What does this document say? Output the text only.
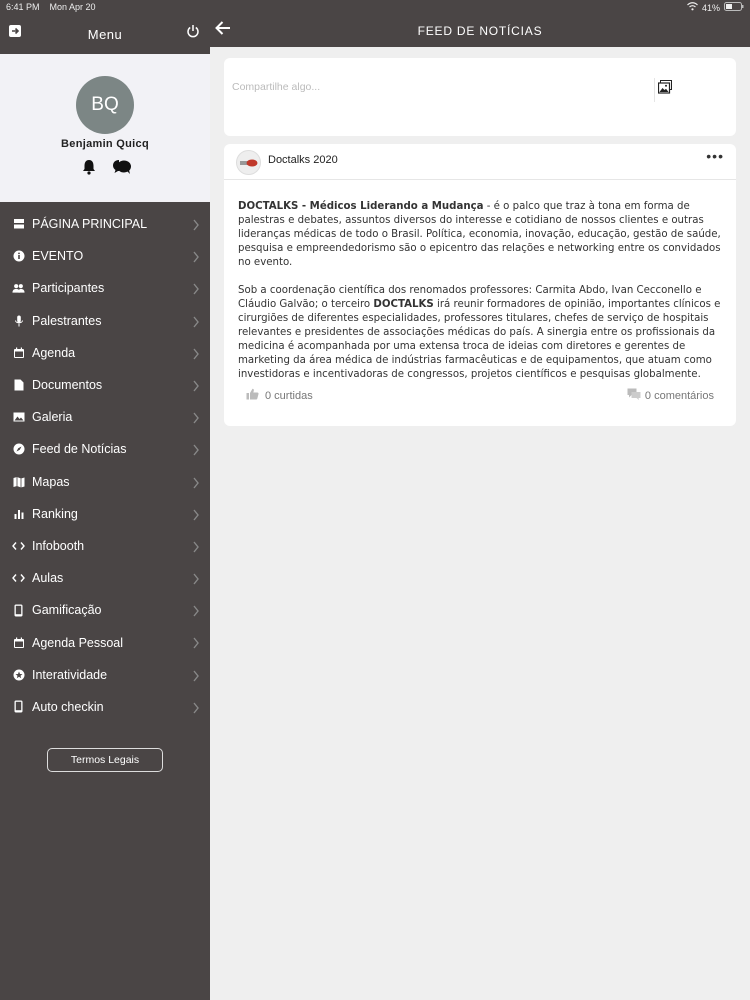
6:41 PM Mon Apr 20
Menu
BQ
Benjamin Quicq
PÁGINA PRINCIPAL
EVENTO
Participantes
Palestrantes
Agenda
Documentos
Galeria
Feed de Notícias
Mapas
Ranking
Infobooth
Aulas
Gamificação
Agenda Pessoal
Interatividade
Auto checkin
Termos Legais
41%
FEED DE NOTÍCIAS
Compartilhe algo...
Doctalks 2020	•••

DOCTALKS - Médicos Liderando a Mudança - é o palco que traz à tona em forma de palestras e debates, assuntos diversos do interesse e cotidiano de nossos clientes e outras lideranças médicas de todo o Brasil. Política, economia, inovação, educação, gestão de saúde, pesquisa e empreendedorismo são o epicentro das relações e networking entre os convidados no evento.

Sob a coordenação científica dos renomados professores: Carmita Abdo, Ivan Cecconello e Cláudio Galvão; o terceiro DOCTALKS irá reunir formadores de opinião, importantes clínicos e cirurgiões de diferentes especialidades, professores titulares, chefes de serviço de hospitais relevantes e presidentes de associações médicas do país. A sinergia entre os profissionais da medicina é acompanhada por uma extensa troca de ideias com diretores e gerentes de marketing da área médica de indústrias farmacêuticas e de equipamentos, que atuam como investidoras e incentivadoras de congressos, projetos científicos e pesquisas globalmente.

0 curtidas	0 comentários
